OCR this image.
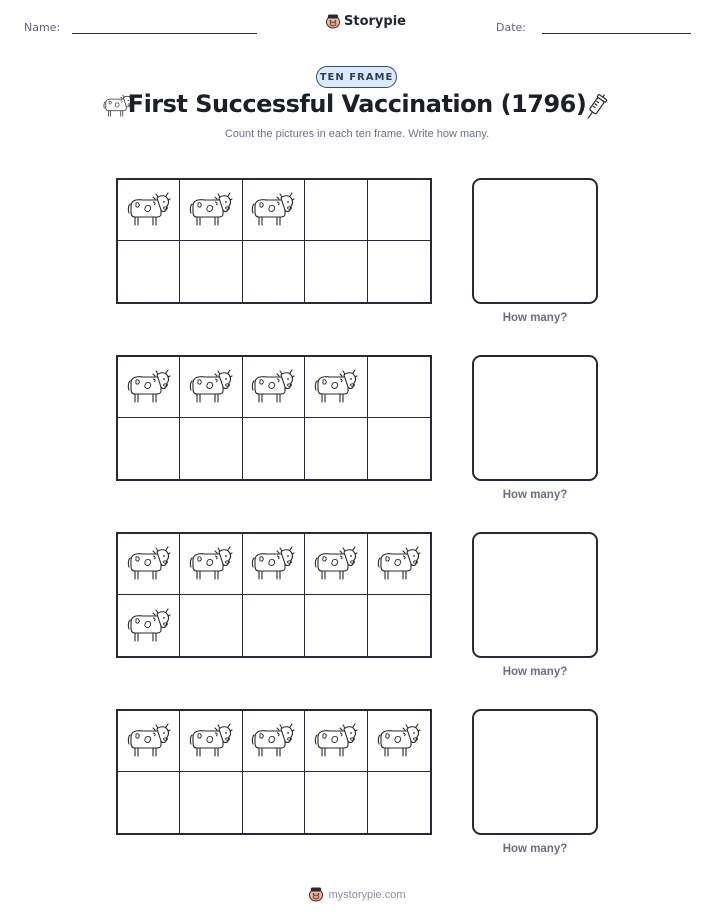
Name:	Storypie	Date:
TEN FRAME
First Successful Vaccination (1796)
Count the pictures in each ten frame. Write how many.
How many?
How many?
How many?
How many?
mystorypie.com
